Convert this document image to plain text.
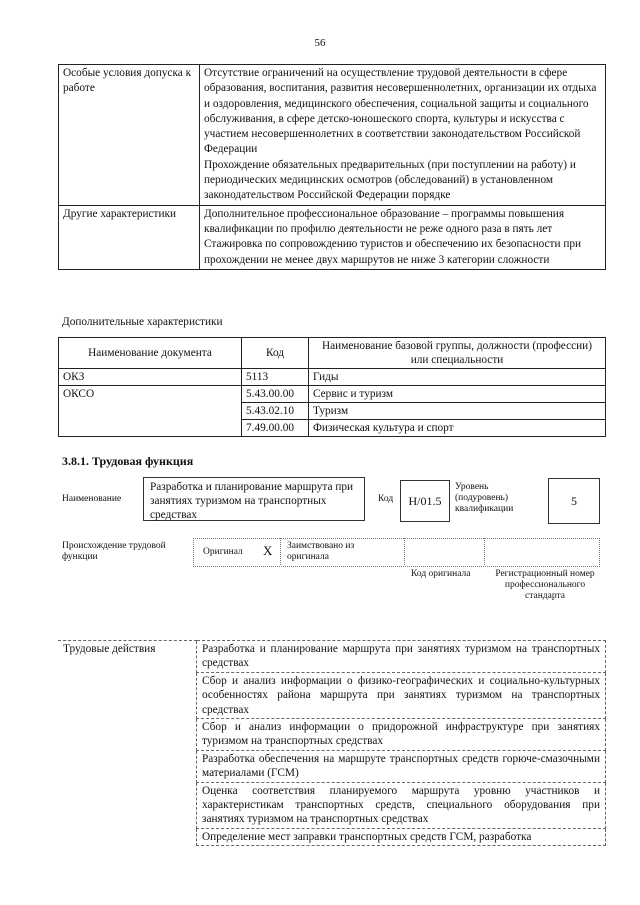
56
Особые условия допуска к работе	Отсутствие ограничений на осуществление трудовой деятельности в сфере образования, воспитания, развития несовершеннолетних, организации их отдыха и оздоровления, медицинского обеспечения, социальной защиты и социального обслуживания, в сфере детско-юношеского спорта, культуры и искусства с участием несовершеннолетних в соответствии законодательством Российской Федерации

Прохождение обязательных предварительных (при поступлении на работу) и периодических медицинских осмотров (обследований) в установленном законодательством Российской Федерации порядке

Другие характеристики	Дополнительное профессиональное образование – программы повышения квалификации по профилю деятельности не реже одного раза в пять лет

Стажировка по сопровождению туристов и обеспечению их безопасности при прохождении не менее двух маршрутов не ниже 3 категории сложности

Дополнительные характеристики
Наименование документа	Код	Наименование базовой группы, должности (профессии) или специальности
ОКЗ	5113	Гиды
ОКСО	5.43.00.00	Сервис и туризм
	5.43.02.10	Туризм
	7.49.00.00	Физическая культура и спорт
3.8.1. Трудовая функция
Наименование
Разработка и планирование маршрута при занятиях туризмом на транспортных средствах
Код	Н/01.5
Уровень (подуровень) квалификации
5
Происхождение трудовой функции	Оригинал X Заимствовано из оригинала
Код оригинала	Регистрационный номер профессионального стандарта
Трудовые действия	Разработка и планирование маршрута при занятиях туризмом на транспортных средствах
Сбор и анализ информации о физико-географических и социально-культурных особенностях района маршрута при занятиях туризмом на транспортных средствах
Сбор и анализ информации о придорожной инфраструктуре при занятиях туризмом на транспортных средствах
Разработка обеспечения на маршруте транспортных средств горюче-смазочными материалами (ГСМ)
Оценка соответствия планируемого маршрута уровню участников и характеристикам транспортных средств, специального оборудования при занятиях туризмом на транспортных средствах
Определение мест заправки транспортных средств ГСМ, разработка
